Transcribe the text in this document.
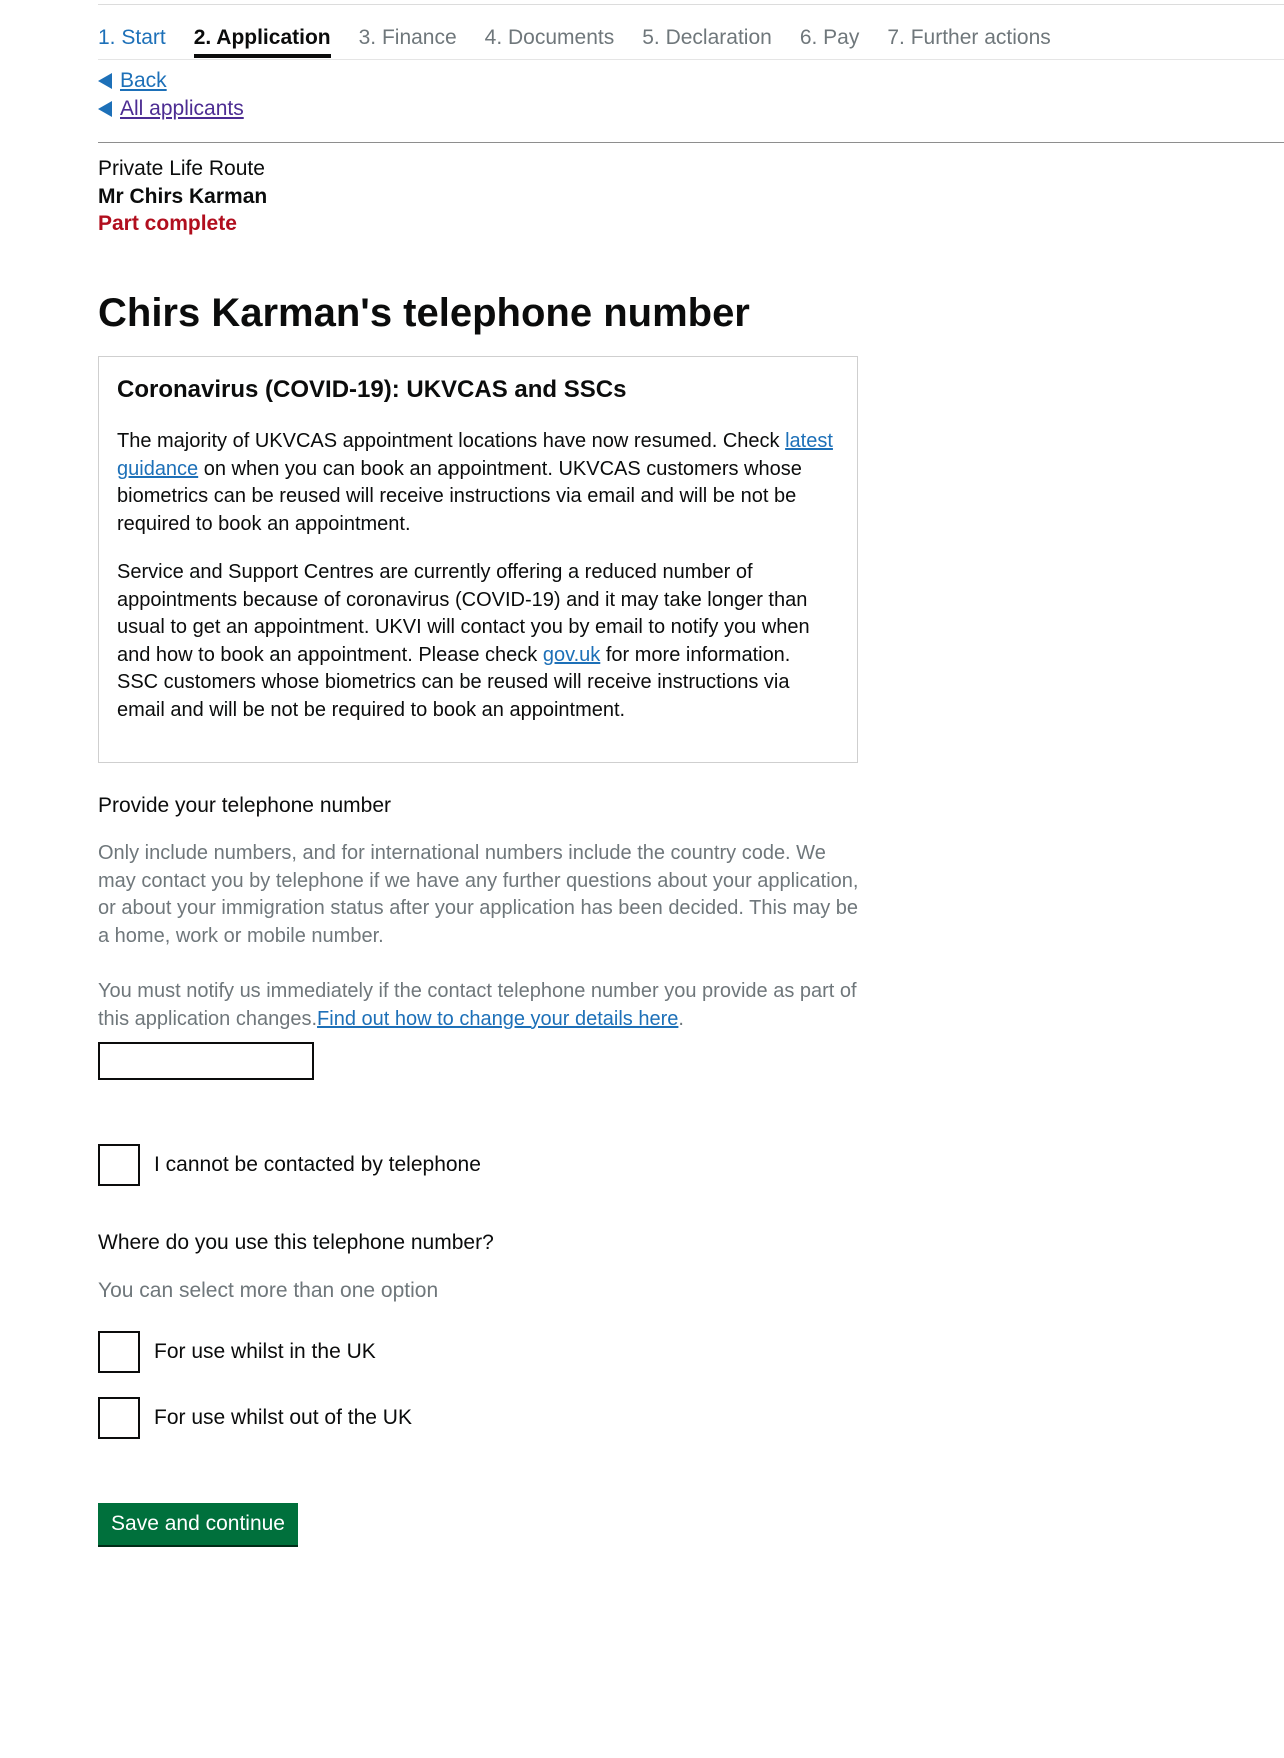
1. Start 2. Application 3. Finance 4. Documents 5. Declaration 6. Pay 7. Further actions
Back
All applicants
Private Life Route
Mr Chirs Karman
Part complete
Chirs Karman's telephone number
Coronavirus (COVID-19): UKVCAS and SSCs

The majority of UKVCAS appointment locations have now resumed. Check latest guidance on when you can book an appointment. UKVCAS customers whose biometrics can be reused will receive instructions via email and will be not be required to book an appointment.

Service and Support Centres are currently offering a reduced number of appointments because of coronavirus (COVID-19) and it may take longer than usual to get an appointment. UKVI will contact you by email to notify you when and how to book an appointment. Please check gov.uk for more information. SSC customers whose biometrics can be reused will receive instructions via email and will be not be required to book an appointment.

Provide your telephone number

Only include numbers, and for international numbers include the country code. We may contact you by telephone if we have any further questions about your application, or about your immigration status after your application has been decided. This may be a home, work or mobile number.

You must notify us immediately if the contact telephone number you provide as part of this application changes.Find out how to change your details here.

I cannot be contacted by telephone
Where do you use this telephone number?
You can select more than one option
For use whilst in the UK
For use whilst out of the UK
Save and continue
